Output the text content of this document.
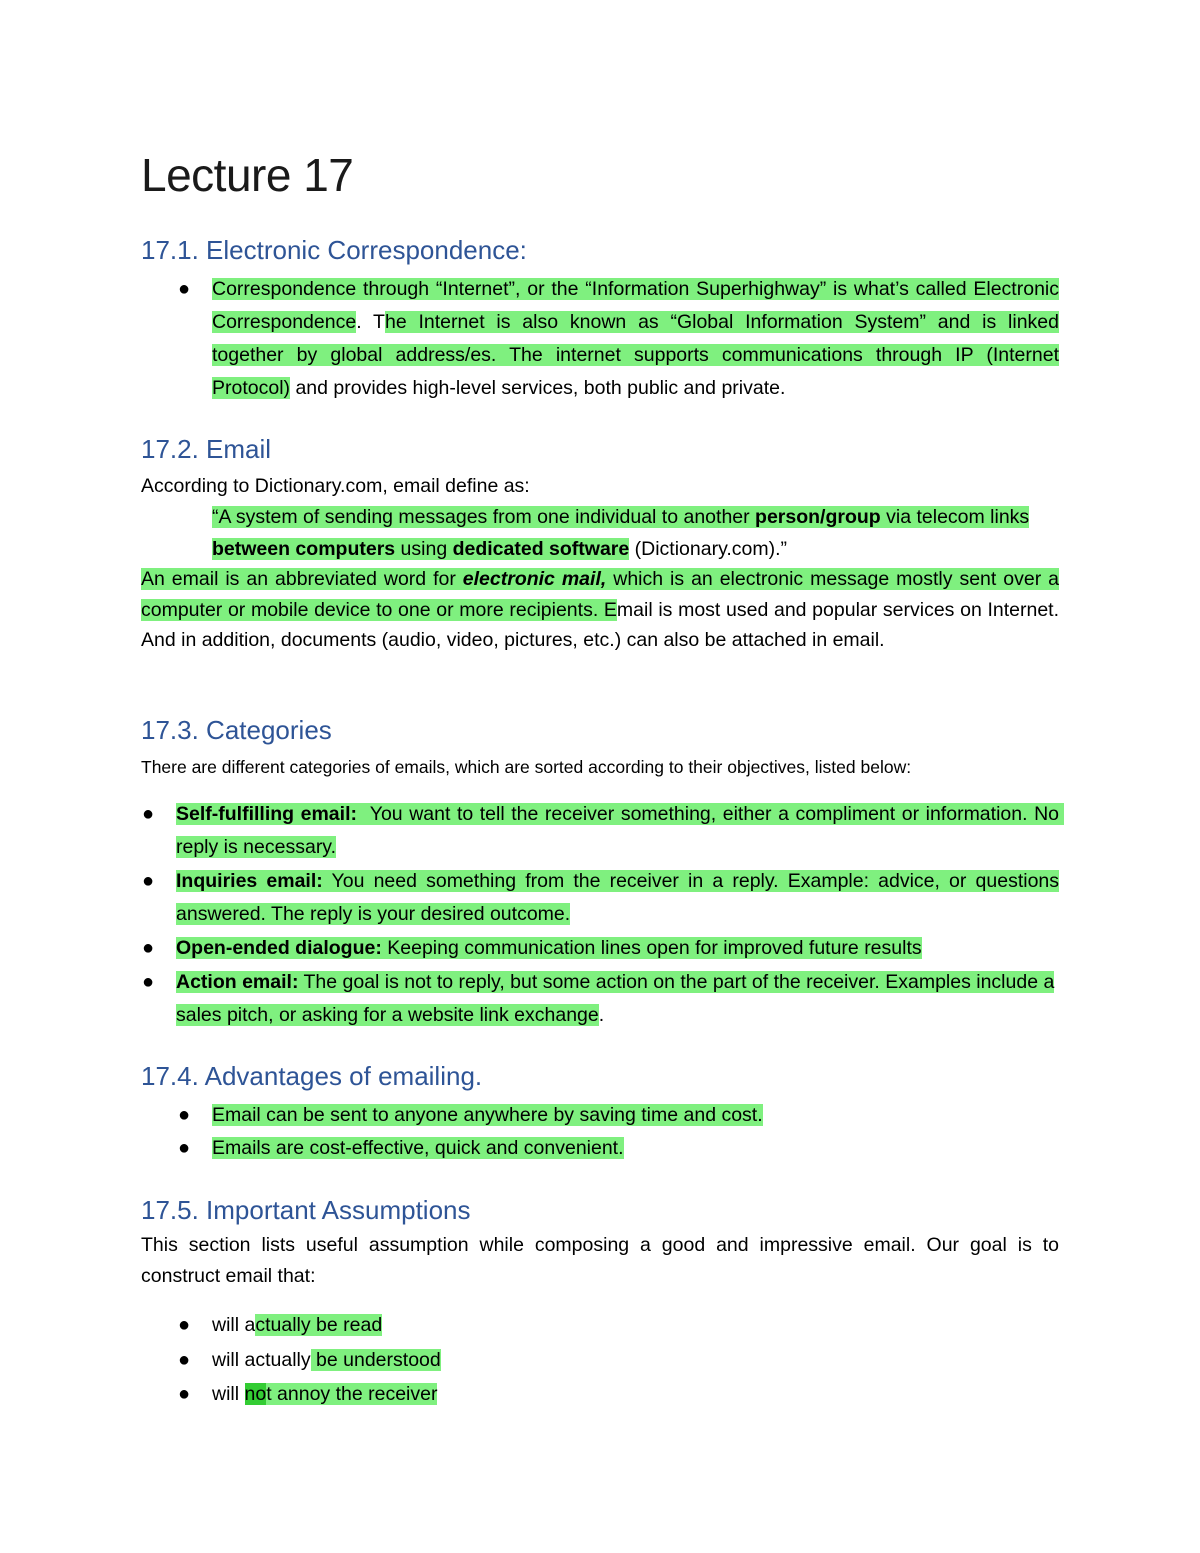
Lecture 17
17.1. Electronic Correspondence:
● Correspondence through “Internet”, or the “Information Superhighway” is what’s called Electronic Correspondence. The Internet is also known as “Global Information System” and is linked together by global address/es. The internet supports communications through IP (Internet Protocol) and provides high-level services, both public and private.
17.2. Email

According to Dictionary.com, email define as:

“A system of sending messages from one individual to another person/group via telecom links between computers using dedicated software (Dictionary.com).”
An email is an abbreviated word for electronic mail, which is an electronic message mostly sent over a computer or mobile device to one or more recipients. Email is most used and popular services on Internet. And in addition, documents (audio, video, pictures, etc.) can also be attached in email.
17.3. Categories

There are different categories of emails, which are sorted according to their objectives, listed below:

● Self-fulfilling email:  You want to tell the receiver something, either a compliment or information. No reply is necessary.
● Inquiries email: You need something from the receiver in a reply. Example: advice, or questions answered. The reply is your desired outcome.
● Open-ended dialogue: Keeping communication lines open for improved future results
● Action email: The goal is not to reply, but some action on the part of the receiver. Examples include a sales pitch, or asking for a website link exchange.
17.4. Advantages of emailing.
● Email can be sent to anyone anywhere by saving time and cost.
● Emails are cost-effective, quick and convenient.
17.5. Important Assumptions
This section lists useful assumption while composing a good and impressive email. Our goal is to construct email that:
● will actually be read
● will actually be understood
● will not annoy the receiver
